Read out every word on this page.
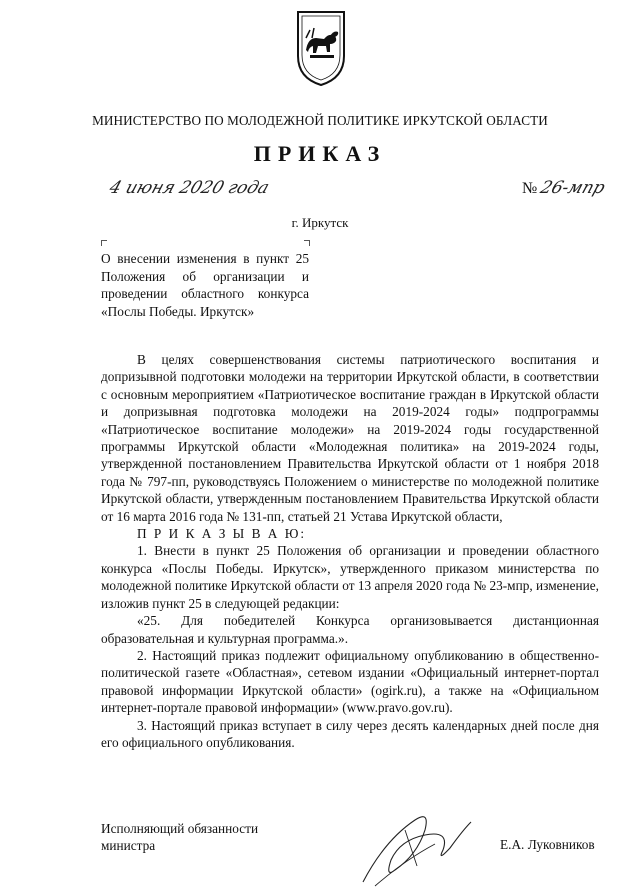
МИНИСТЕРСТВО ПО МОЛОДЕЖНОЙ ПОЛИТИКЕ ИРКУТСКОЙ ОБЛАСТИ
ПРИКАЗ
4 июня 2020 года	№ 26-мпр
г. Иркутск
О внесении изменения в пункт 25 Положения об организации и проведении областного конкурса «Послы Победы. Иркутск»

В целях совершенствования системы патриотического воспитания и допризывной подготовки молодежи на территории Иркутской области, в соответствии с основным мероприятием «Патриотическое воспитание граждан в Иркутской области и допризывная подготовка молодежи на 2019-2024 годы» подпрограммы «Патриотическое воспитание молодежи» на 2019-2024 годы государственной программы Иркутской области «Молодежная политика» на 2019-2024 годы, утвержденной постановлением Правительства Иркутской области от 1 ноября 2018 года № 797-пп, руководствуясь Положением о министерстве по молодежной политике Иркутской области, утвержденным постановлением Правительства Иркутской области от 16 марта 2016 года № 131-пп, статьей 21 Устава Иркутской области,

П Р И К А З Ы В А Ю:

1. Внести в пункт 25 Положения об организации и проведении областного конкурса «Послы Победы. Иркутск», утвержденного приказом министерства по молодежной политике Иркутской области от 13 апреля 2020 года № 23-мпр, изменение, изложив пункт 25 в следующей редакции:

«25. Для победителей Конкурса организовывается дистанционная образовательная и культурная программа.».

2. Настоящий приказ подлежит официальному опубликованию в общественно-политической газете «Областная», сетевом издании «Официальный интернет-портал правовой информации Иркутской области» (ogirk.ru), а также на «Официальном интернет-портале правовой информации» (www.pravo.gov.ru).

3. Настоящий приказ вступает в силу через десять календарных дней после дня его официального опубликования.

Исполняющий обязанности
министра	Е.А. Луковников
